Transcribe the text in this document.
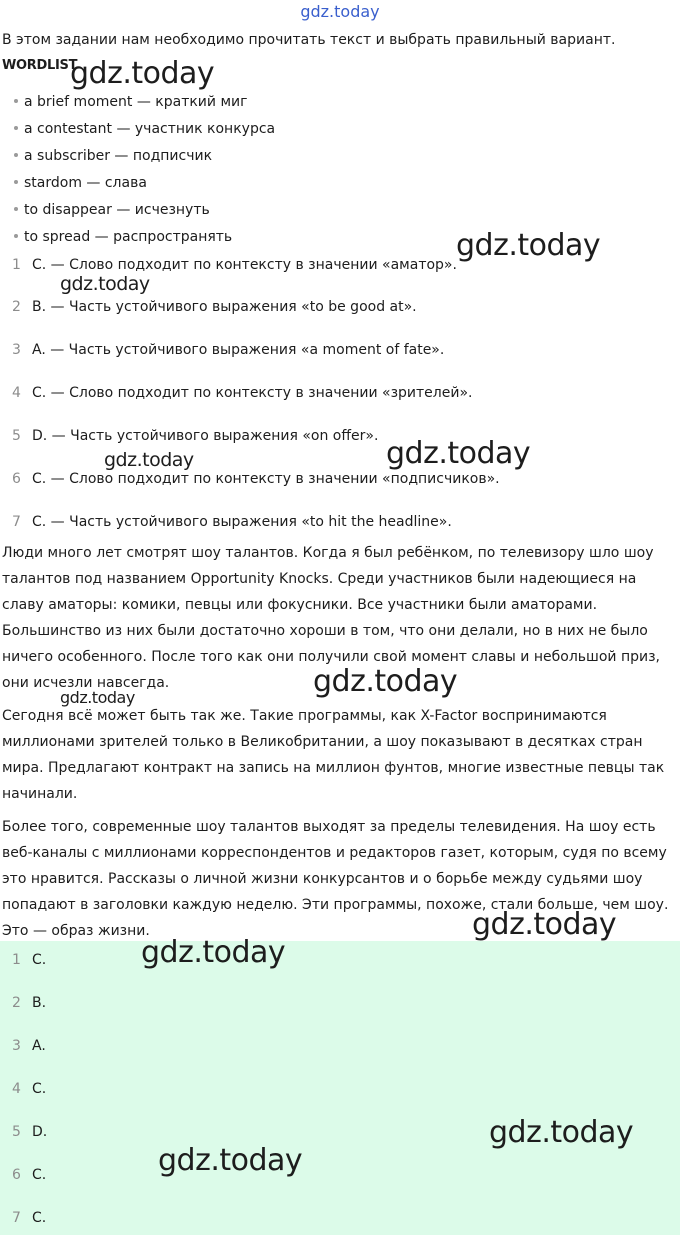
gdz.today
В этом задании нам необходимо прочитать текст и выбрать правильный вариант.
WORDLIST
a brief moment — краткий миг
a contestant — участник конкурса
a subscriber — подписчик
stardom — слава
to disappear — исчезнуть
to spread — распространять
1 C. — Слово подходит по контексту в значении «аматор».
2 B. — Часть устойчивого выражения «to be good at».
3 A. — Часть устойчивого выражения «a moment of fate».
4 C. — Слово подходит по контексту в значении «зрителей».
5 D. — Часть устойчивого выражения «on offer».
6 C. — Слово подходит по контексту в значении «подписчиков».
7 C. — Часть устойчивого выражения «to hit the headline».
Люди много лет смотрят шоу талантов. Когда я был ребёнком, по телевизору шло шоу талантов под названием Opportunity Knocks. Среди участников были надеющиеся на славу аматоры: комики, певцы или фокусники. Все участники были аматорами. Большинство из них были достаточно хороши в том, что они делали, но в них не было ничего особенного. После того как они получили свой момент славы и небольшой приз, они исчезли навсегда.
Сегодня всё может быть так же. Такие программы, как X-Factor воспринимаются миллионами зрителей только в Великобритании, а шоу показывают в десятках стран мира. Предлагают контракт на запись на миллион фунтов, многие известные певцы так начинали.
Более того, современные шоу талантов выходят за пределы телевидения. На шоу есть веб-каналы с миллионами корреспондентов и редакторов газет, которым, судя по всему это нравится. Рассказы о личной жизни конкурсантов и о борьбе между судьями шоу попадают в заголовки каждую неделю. Эти программы, похоже, стали больше, чем шоу. Это — образ жизни.
1 C.
2 B.
3 A.
4 C.
5 D.
6 C.
7 C.
gdz.today
gdz.today
gdz.today
gdz.today	gdz.today
gdz.today
gdz.today
gdz.today
gdz.today
gdz.today
gdz.today
